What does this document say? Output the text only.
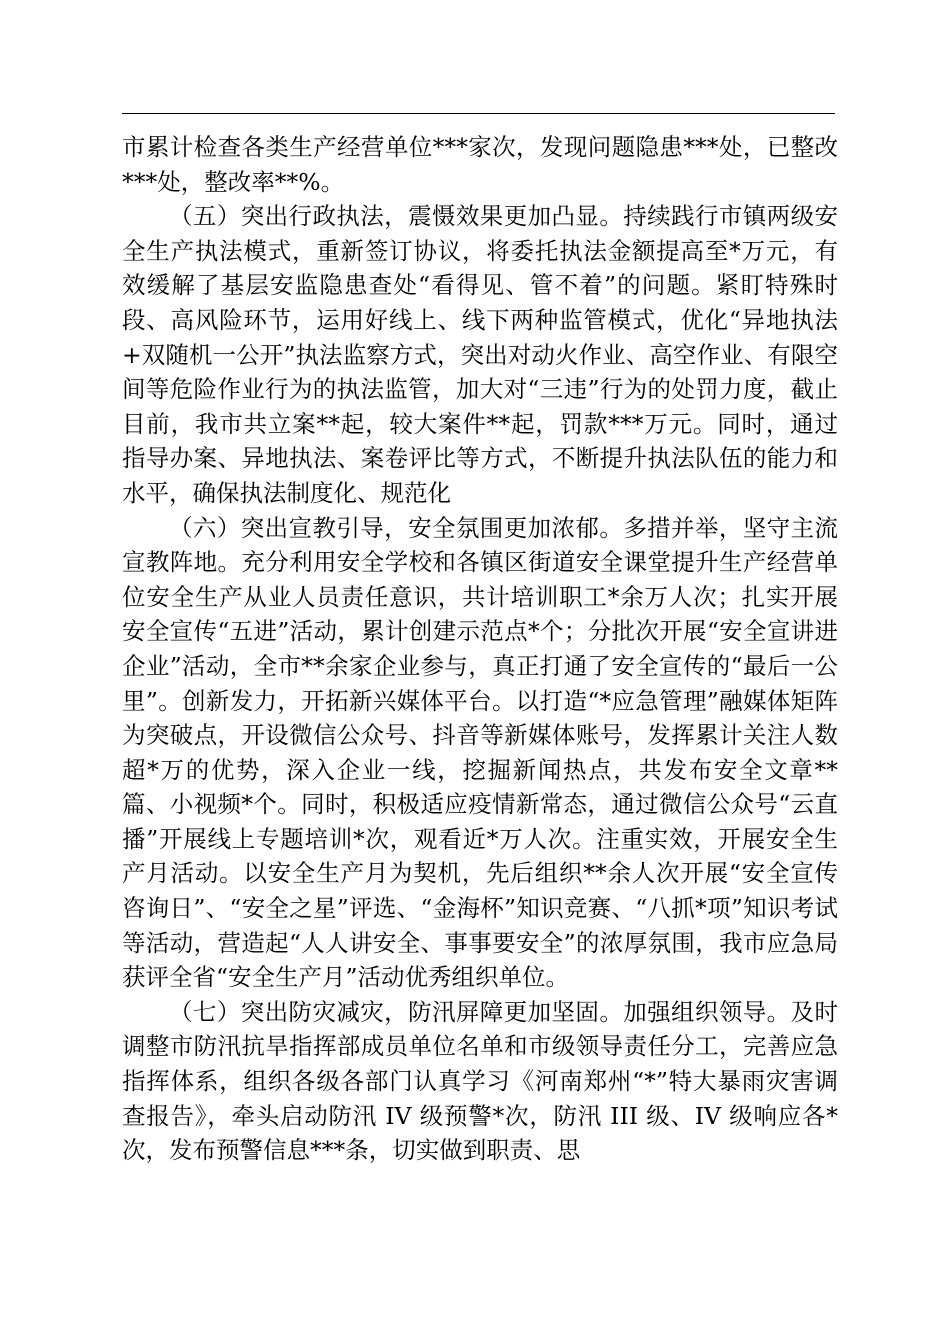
市累计检查各类生产经营单位***家次，发现问题隐患***处，已整改***处，整改率**%。

（五）突出行政执法，震慑效果更加凸显。持续践行市镇两级安全生产执法模式，重新签订协议，将委托执法金额提高至*万元，有效缓解了基层安监隐患查处“看得见、管不着”的问题。紧盯特殊时段、高风险环节，运用好线上、线下两种监管模式，优化“异地执法+双随机一公开”执法监察方式，突出对动火作业、高空作业、有限空间等危险作业行为的执法监管，加大对“三违”行为的处罚力度，截止目前，我市共立案**起，较大案件**起，罚款***万元。同时，通过指导办案、异地执法、案卷评比等方式，不断提升执法队伍的能力和水平，确保执法制度化、规范化

（六）突出宣教引导，安全氛围更加浓郁。多措并举，坚守主流宣教阵地。充分利用安全学校和各镇区街道安全课堂提升生产经营单位安全生产从业人员责任意识，共计培训职工*余万人次；扎实开展安全宣传“五进”活动，累计创建示范点*个；分批次开展“安全宣讲进企业”活动，全市**余家企业参与，真正打通了安全宣传的“最后一公里”。创新发力，开拓新兴媒体平台。以打造“*应急管理”融媒体矩阵为突破点，开设微信公众号、抖音等新媒体账号，发挥累计关注人数超*万的优势，深入企业一线，挖掘新闻热点，共发布安全文章**篇、小视频*个。同时，积极适应疫情新常态，通过微信公众号“云直播”开展线上专题培训*次，观看近*万人次。注重实效，开展安全生产月活动。以安全生产月为契机，先后组织**余人次开展“安全宣传咨询日”、“安全之星”评选、“金海杯”知识竞赛、“八抓*项”知识考试等活动，营造起“人人讲安全、事事要安全”的浓厚氛围，我市应急局获评全省“安全生产月”活动优秀组织单位。

（七）突出防灾减灾，防汛屏障更加坚固。加强组织领导。及时调整市防汛抗旱指挥部成员单位名单和市级领导责任分工，完善应急指挥体系，组织各级各部门认真学习《河南郑州“*”特大暴雨灾害调查报告》，牵头启动防汛 IV 级预警*次，防汛 III 级、IV 级响应各*次，发布预警信息***条，切实做到职责、思
